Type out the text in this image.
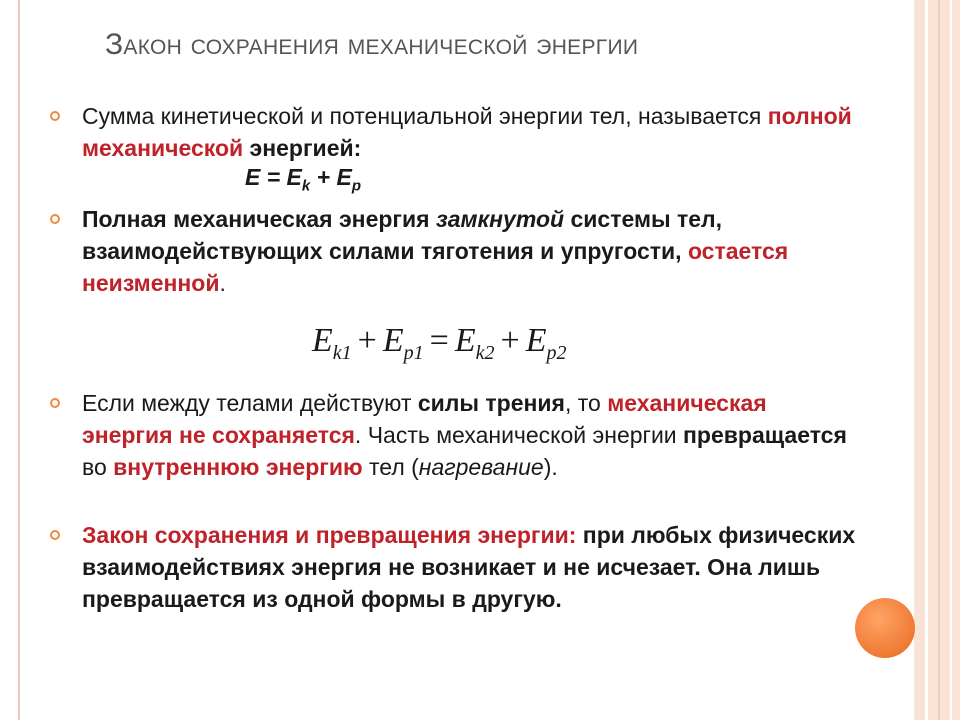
Закон сохранения механической энергии
Сумма кинетической и потенциальной энергии тел, называется полной механической энергией:
$E = E_k + E_p$
Полная механическая энергия замкнутой системы тел, взаимодействующих силами тяготения и упругости, остается неизменной.
$E_{k1} + E_{p1} = E_{k2} + E_{p2}$
Если между телами действуют силы трения, то механическая энергия не сохраняется. Часть механической энергии превращается во внутреннюю энергию тел (нагревание).
Закон сохранения и превращения энергии: при любых физических взаимодействиях энергия не возникает и не исчезает. Она лишь превращается из одной формы в другую.
